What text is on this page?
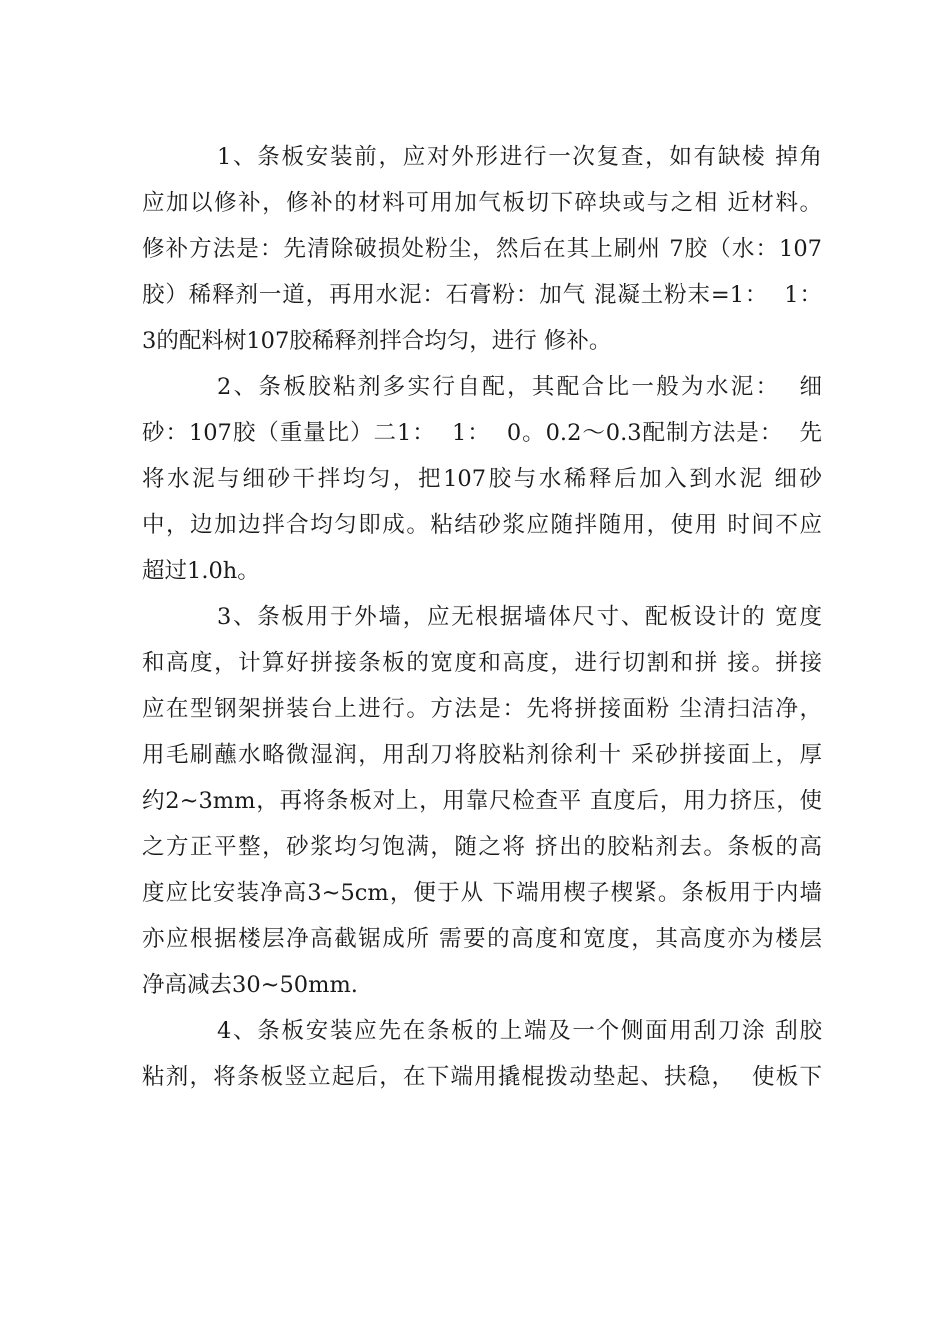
1、条板安装前，应对外形进行一次复查，如有缺棱 掉角
应加以修补，修补的材料可用加气板切下碎块或与之相 近材料。
修补方法是：先清除破损处粉尘，然后在其上刷州 7胶（水：107
胶）稀释剂一道，再用水泥：石膏粉：加气 混凝土粉末=1：  1：
3的配料树107胶稀释剂拌合均匀，进行 修补。
2、条板胶粘剂多实行自配，其配合比一般为水泥：  细
砂：107胶（重量比）二1：  1：  0。0.2〜0.3配制方法是：  先
将水泥与细砂干拌均匀，把107胶与水稀释后加入到水泥 细砂
中，边加边拌合均匀即成。粘结砂浆应随拌随用，使用 时间不应
超过1.0h。
3、条板用于外墙，应无根据墙体尺寸、配板设计的 宽度
和高度，计算好拼接条板的宽度和高度，进行切割和拼 接。拼接
应在型钢架拼装台上进行。方法是：先将拼接面粉 尘清扫洁净，
用毛刷蘸水略微湿润，用刮刀将胶粘剂徐利十 采砂拼接面上，厚
约2~3mm，再将条板对上，用靠尺检查平 直度后，用力挤压，使
之方正平整，砂浆均匀饱满，随之将 挤出的胶粘剂去。条板的高
度应比安装净高3~5cm，便于从 下端用楔子楔紧。条板用于内墙
亦应根据楼层净高截锯成所 需要的高度和宽度，其高度亦为楼层
净高减去30~50mm.
4、条板安装应先在条板的上端及一个侧面用刮刀涂 刮胶
粘剂，将条板竖立起后，在下端用撬棍拨动垫起、扶稳，  使板下
